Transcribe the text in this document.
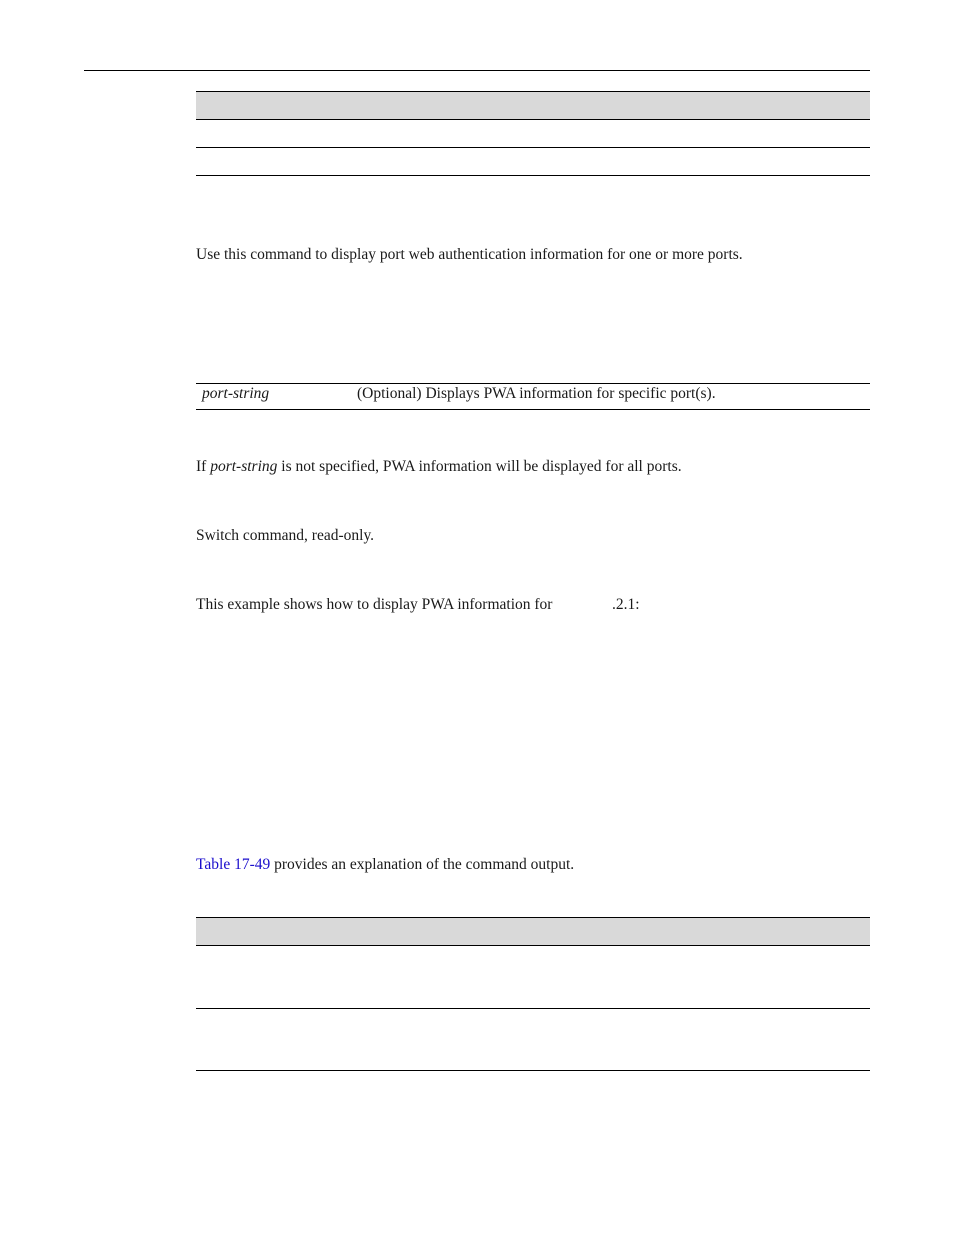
Use this command to display port web authentication information for one or more ports.
port-string	(Optional) Displays PWA information for specific port(s).
If port-string is not specified, PWA information will be displayed for all ports.
Switch command, read-only.
This example shows how to display PWA information for	.2.1:
Table 17-49 provides an explanation of the command output.
